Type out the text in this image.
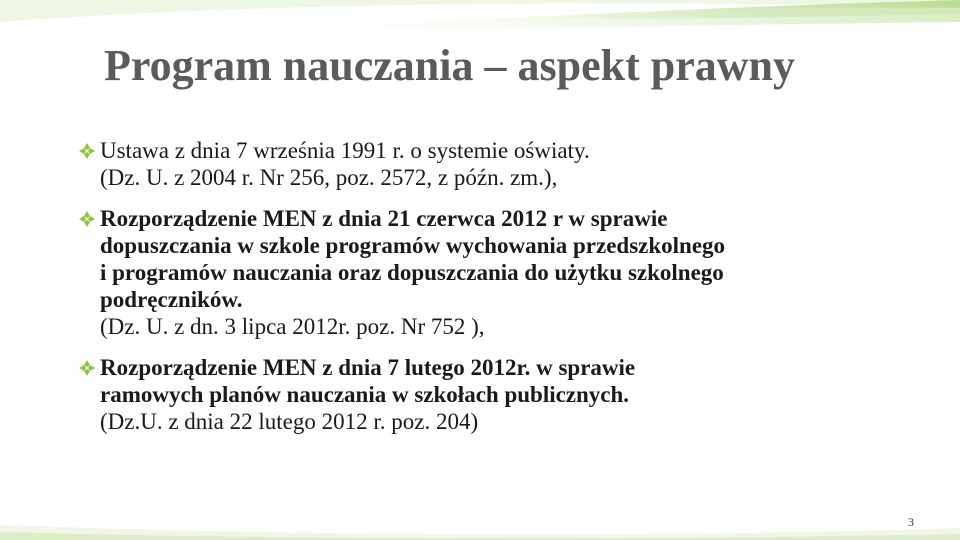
Program nauczania – aspekt prawny

Ustawa z dnia 7 września 1991 r. o systemie oświaty.

(Dz. U. z 2004 r. Nr 256, poz. 2572, z późn. zm.),

Rozporządzenie MEN z dnia 21 czerwca 2012 r w sprawie

dopuszczania w szkole programów wychowania przedszkolnego

i programów nauczania oraz dopuszczania do użytku szkolnego

podręczników.

(Dz. U. z dn. 3 lipca 2012r. poz. Nr 752 ),

Rozporządzenie MEN z dnia 7 lutego 2012r. w sprawie

ramowych planów nauczania w szkołach publicznych.

(Dz.U. z dnia 22 lutego 2012 r. poz. 204)

3
